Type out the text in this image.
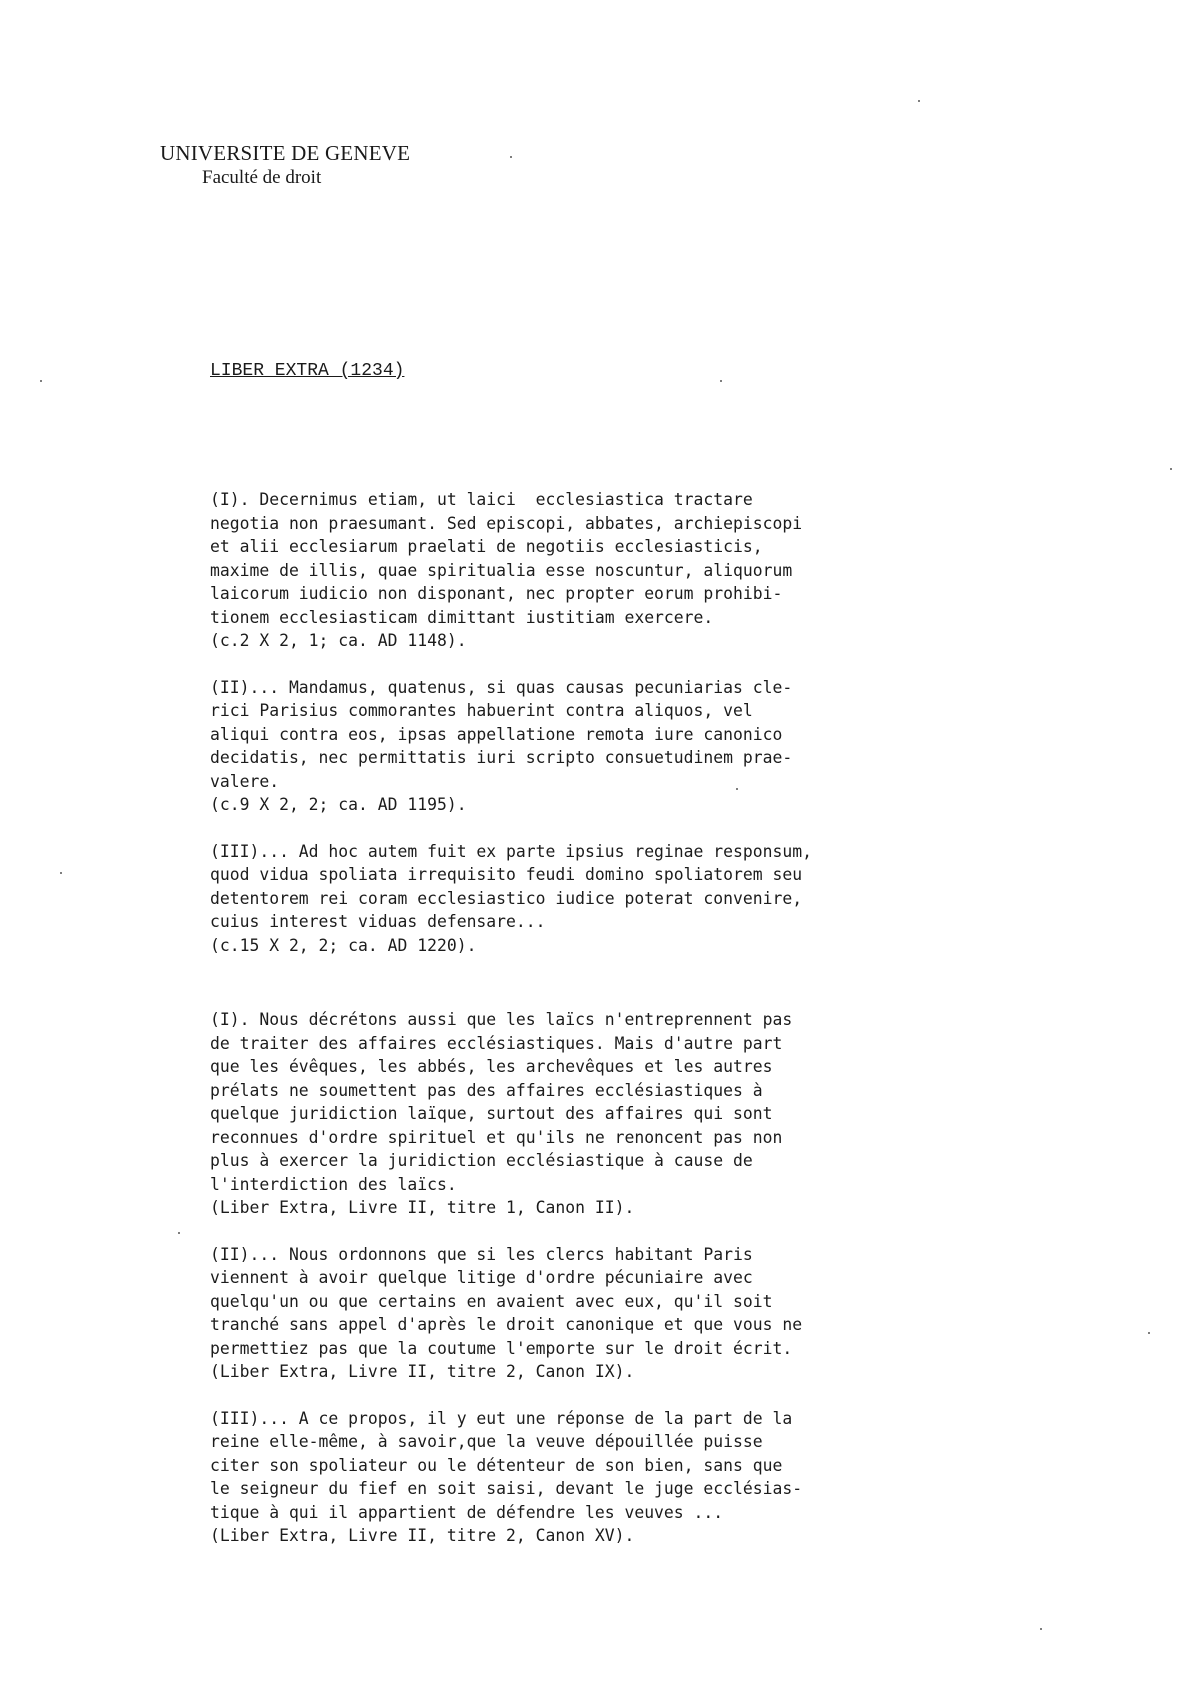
UNIVERSITE DE GENEVE
Faculté de droit
LIBER EXTRA (1234)

(I). Decernimus etiam, ut laici  ecclesiastica tractare
negotia non praesumant. Sed episcopi, abbates, archiepiscopi
et alii ecclesiarum praelati de negotiis ecclesiasticis,
maxime de illis, quae spiritualia esse noscuntur, aliquorum
laicorum iudicio non disponant, nec propter eorum prohibi-
tionem ecclesiasticam dimittant iustitiam exercere.
(c.2 X 2, 1; ca. AD 1148).

(II)... Mandamus, quatenus, si quas causas pecuniarias cle-
rici Parisius commorantes habuerint contra aliquos, vel
aliqui contra eos, ipsas appellatione remota iure canonico
decidatis, nec permittatis iuri scripto consuetudinem prae-
valere.
(c.9 X 2, 2; ca. AD 1195).

(III)... Ad hoc autem fuit ex parte ipsius reginae responsum,
quod vidua spoliata irrequisito feudi domino spoliatorem seu
detentorem rei coram ecclesiastico iudice poterat convenire,
cuius interest viduas defensare...
(c.15 X 2, 2; ca. AD 1220).

(I). Nous décrétons aussi que les laïcs n'entreprennent pas
de traiter des affaires ecclésiastiques. Mais d'autre part
que les évêques, les abbés, les archevêques et les autres
prélats ne soumettent pas des affaires ecclésiastiques à
quelque juridiction laïque, surtout des affaires qui sont
reconnues d'ordre spirituel et qu'ils ne renoncent pas non
plus à exercer la juridiction ecclésiastique à cause de
l'interdiction des laïcs.
(Liber Extra, Livre II, titre 1, Canon II).

(II)... Nous ordonnons que si les clercs habitant Paris
viennent à avoir quelque litige d'ordre pécuniaire avec
quelqu'un ou que certains en avaient avec eux, qu'il soit
tranché sans appel d'après le droit canonique et que vous ne
permettiez pas que la coutume l'emporte sur le droit écrit.
(Liber Extra, Livre II, titre 2, Canon IX).

(III)... A ce propos, il y eut une réponse de la part de la
reine elle-même, à savoir,que la veuve dépouillée puisse
citer son spoliateur ou le détenteur de son bien, sans que
le seigneur du fief en soit saisi, devant le juge ecclésias-
tique à qui il appartient de défendre les veuves ...
(Liber Extra, Livre II, titre 2, Canon XV).
